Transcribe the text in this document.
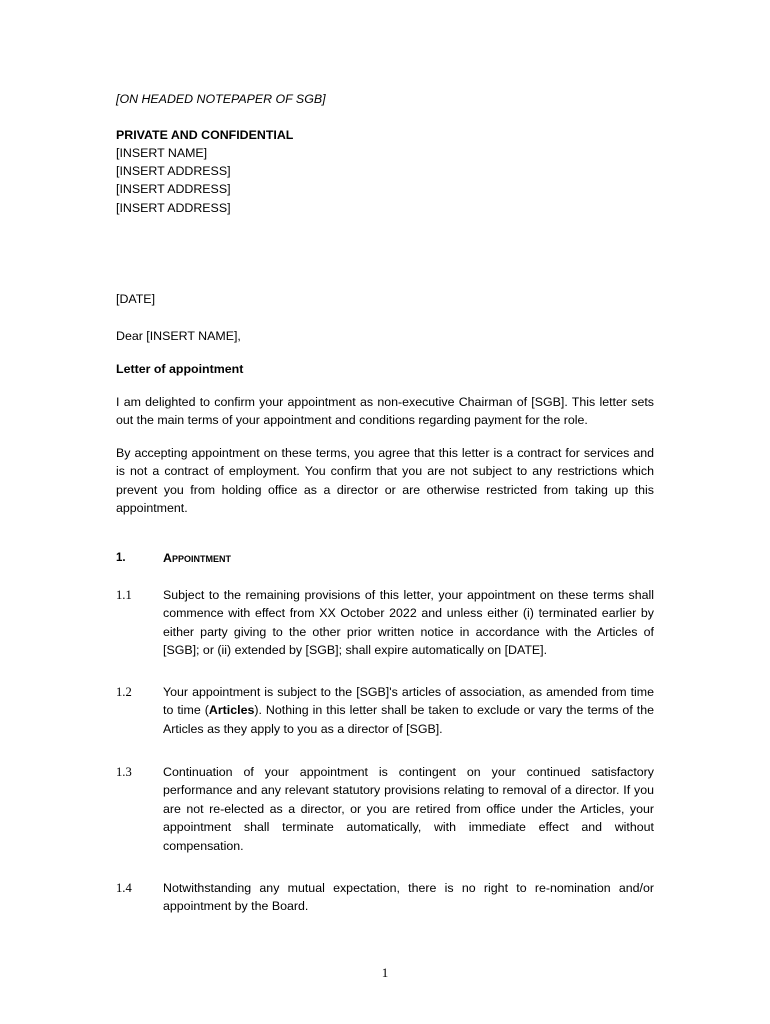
[ON HEADED NOTEPAPER OF SGB]
PRIVATE AND CONFIDENTIAL
[INSERT NAME]
[INSERT ADDRESS]
[INSERT ADDRESS]
[INSERT ADDRESS]
[DATE]
Dear [INSERT NAME],
Letter of appointment
I am delighted to confirm your appointment as non-executive Chairman of [SGB]. This letter sets out the main terms of your appointment and conditions regarding payment for the role.
By accepting appointment on these terms, you agree that this letter is a contract for services and is not a contract of employment. You confirm that you are not subject to any restrictions which prevent you from holding office as a director or are otherwise restricted from taking up this appointment.
1.	Appointment
1.1	Subject to the remaining provisions of this letter, your appointment on these terms shall commence with effect from XX October 2022 and unless either (i) terminated earlier by either party giving to the other prior written notice in accordance with the Articles of [SGB]; or (ii) extended by [SGB]; shall expire automatically on [DATE].
1.2	Your appointment is subject to the [SGB]'s articles of association, as amended from time to time (Articles). Nothing in this letter shall be taken to exclude or vary the terms of the Articles as they apply to you as a director of [SGB].
1.3	Continuation of your appointment is contingent on your continued satisfactory performance and any relevant statutory provisions relating to removal of a director. If you are not re-elected as a director, or you are retired from office under the Articles, your appointment shall terminate automatically, with immediate effect and without compensation.
1.4	Notwithstanding any mutual expectation, there is no right to re-nomination and/or appointment by the Board.
1
